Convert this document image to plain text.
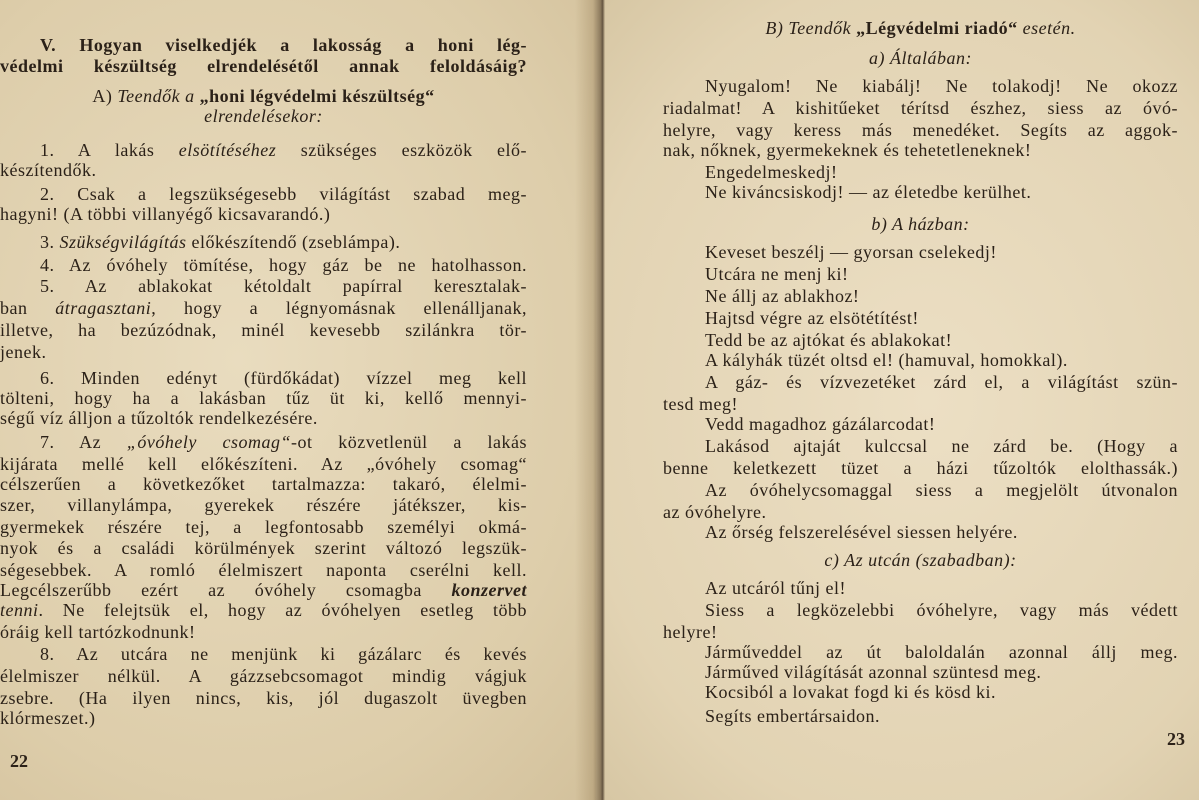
22
V. Hogyan viselkedjék a lakosság a honi lég-
védelmi készültség elrendelésétől annak feloldásáig?
A) Teendők a „honi légvédelmi készültség“
elrendelésekor:
1. A lakás elsötítéséhez szükséges eszközök elő-
készítendők.
2. Csak a legszükségesebb világítást szabad meg-
hagyni! (A többi villanyégő kicsavarandó.)
3. Szükségvilágítás előkészítendő (zseblámpa).
4. Az óvóhely tömítése, hogy gáz be ne hatolhasson.
5. Az ablakokat kétoldalt papírral keresztalak-
ban átragasztani, hogy a légnyomásnak ellenálljanak,
illetve, ha bezúzódnak, minél kevesebb szilánkra tör-
jenek.
6. Minden edényt (fürdőkádat) vízzel meg kell
tölteni, hogy ha a lakásban tűz üt ki, kellő mennyi-
ségű víz álljon a tűzoltók rendelkezésére.
7. Az „óvóhely csomag“-ot közvetlenül a lakás
kijárata mellé kell előkészíteni. Az „óvóhely csomag“
célszerűen a következőket tartalmazza: takaró, élelmi-
szer, villanylámpa, gyerekek részére játékszer, kis-
gyermekek részére tej, a legfontosabb személyi okmá-
nyok és a családi körülmények szerint változó legszük-
ségesebbek. A romló élelmiszert naponta cserélni kell.
Legcélszerűbb ezért az óvóhely csomagba konzervet
tenni. Ne felejtsük el, hogy az óvóhelyen esetleg több
óráig kell tartózkodnunk!
8. Az utcára ne menjünk ki gázálarc és kevés
élelmiszer nélkül. A gázzsebcsomagot mindig vágjuk
zsebre. (Ha ilyen nincs, kis, jól dugaszolt üvegben
klórmeszet.)
23
B) Teendők „Légvédelmi riadó“ esetén.
a) Általában:
Nyugalom! Ne kiabálj! Ne tolakodj! Ne okozz
riadalmat! A kishitűeket térítsd észhez, siess az óvó-
helyre, vagy keress más menedéket. Segíts az aggok-
nak, nőknek, gyermekeknek és tehetetleneknek!
Engedelmeskedj!
Ne kiváncsiskodj! — az életedbe kerülhet.
b) A házban:
Keveset beszélj — gyorsan cselekedj!
Utcára ne menj ki!
Ne állj az ablakhoz!
Hajtsd végre az elsötétítést!
Tedd be az ajtókat és ablakokat!
A kályhák tüzét oltsd el! (hamuval, homokkal).
A gáz- és vízvezetéket zárd el, a világítást szün-
tesd meg!
Vedd magadhoz gázálarcodat!
Lakásod ajtaját kulccsal ne zárd be. (Hogy a
benne keletkezett tüzet a házi tűzoltók elolthassák.)
Az óvóhelycsomaggal siess a megjelölt útvonalon
az óvóhelyre.
Az őrség felszerelésével siessen helyére.
c) Az utcán (szabadban):
Az utcáról tűnj el!
Siess a legközelebbi óvóhelyre, vagy más védett
helyre!
Járműveddel az út baloldalán azonnal állj meg.
Járműved világítását azonnal szüntesd meg.
Kocsiból a lovakat fogd ki és kösd ki.
Segíts embertársaidon.
